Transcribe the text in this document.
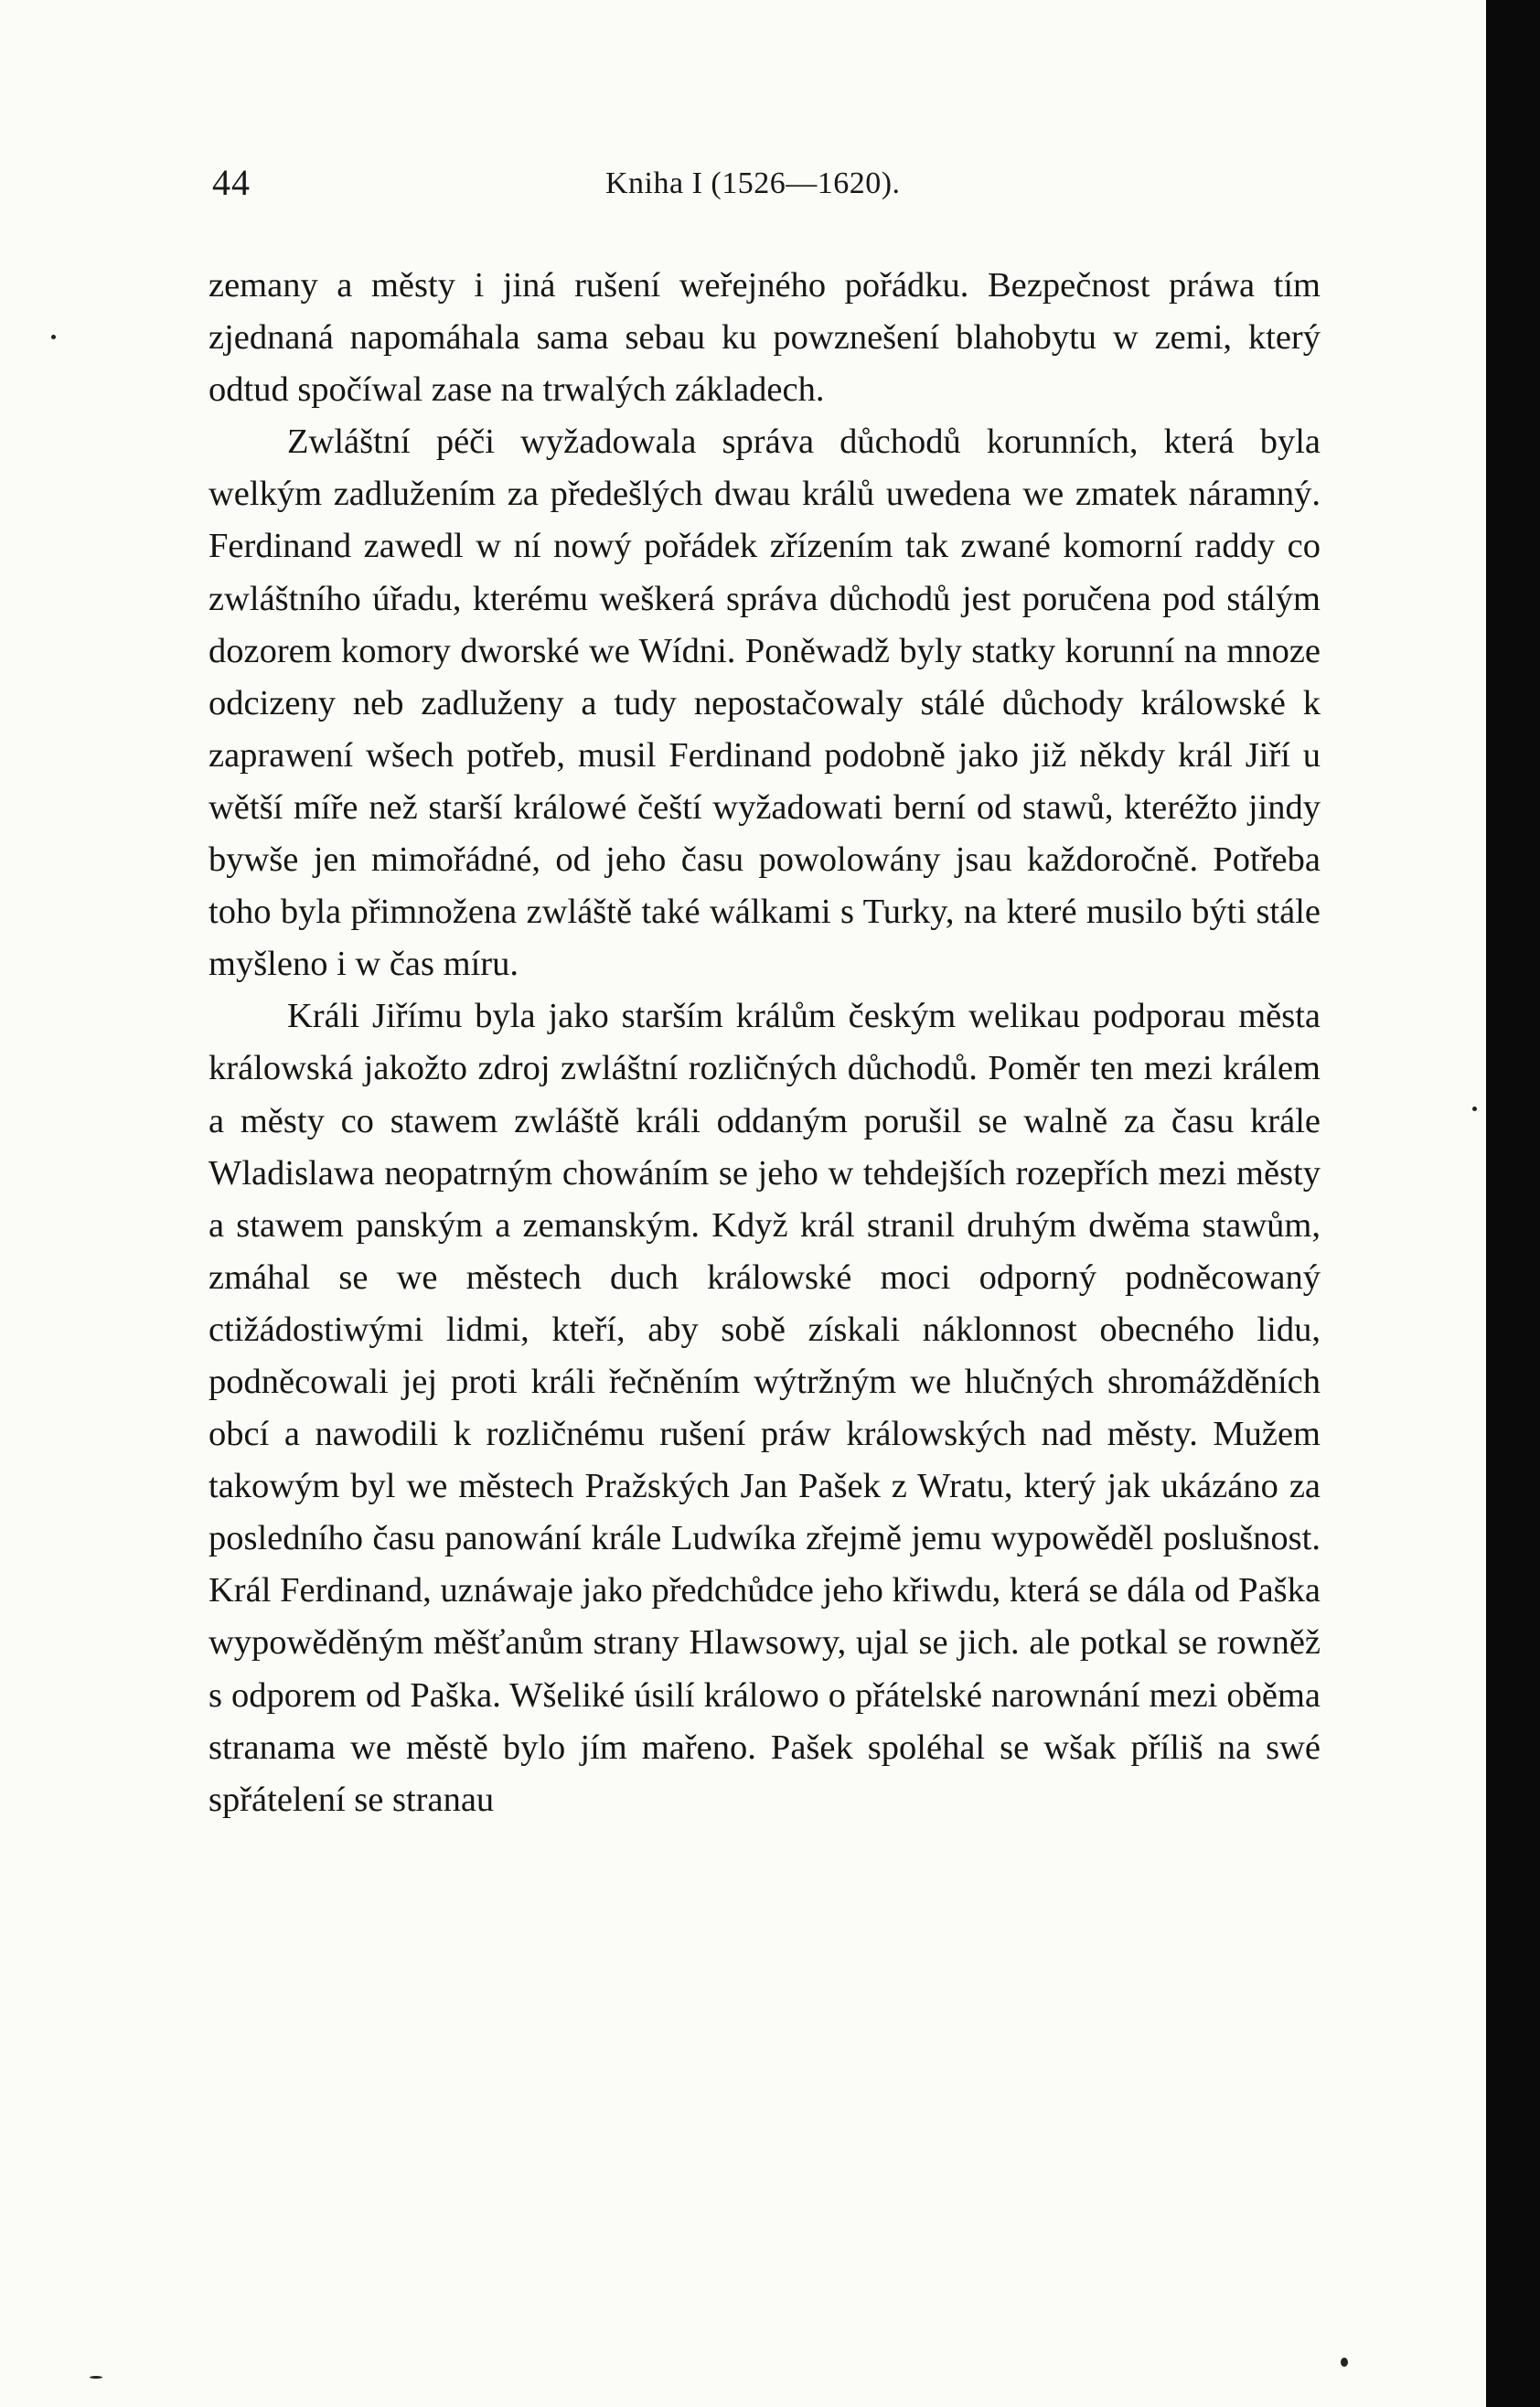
44	Kniha I (1526—1620).

zemany a městy i jiná rušení weřejného pořádku. Bezpečnost práwa tím zjednaná napomáhala sama sebau ku powznešení blahobytu w zemi, který odtud spočíwal zase na trwalých základech.

Zwláštní péči wyžadowala správa důchodů korunních, která byla welkým zadlužením za předešlých dwau králů uwedena we zmatek náramný. Ferdinand zawedl w ní nowý pořádek zřízením tak zwané komorní raddy co zwláštního úřadu, kterému weškerá správa důchodů jest poručena pod stálým dozorem komory dworské we Wídni. Poněwadž byly statky korunní na mnoze odcizeny neb zadluženy a tudy nepostačowaly stálé důchody králowské k zaprawení wšech potřeb, musil Ferdinand podobně jako již někdy král Jiří u wětší míře než starší králowé čeští wyžadowati berní od stawů, kteréžto jindy bywše jen mimořádné, od jeho času powolowány jsau každoročně. Potřeba toho byla přimnožena zwláště také wálkami s Turky, na které musilo býti stále myšleno i w čas míru.

Králi Jiřímu byla jako starším králům českým welikau podporau města králowská jakožto zdroj zwláštní rozličných důchodů. Poměr ten mezi králem a městy co stawem zwláště králi oddaným porušil se walně za času krále Wladislawa neopatrným chowáním se jeho w tehdejších rozepřích mezi městy a stawem panským a zemanským. Když král stranil druhým dwěma stawům, zmáhal se we městech duch králowské moci odporný podněcowaný ctižádostiwými lidmi, kteří, aby sobě získali náklonnost obecného lidu, podněcowali jej proti králi řečněním wýtržným we hlučných shromážděních obcí a nawodili k rozličnému rušení práw králowských nad městy. Mužem takowým byl we městech Pražských Jan Pašek z Wratu, který jak ukázáno za posledního času panowání krále Ludwíka zřejmě jemu wypowěděl poslušnost. Král Ferdinand, uznáwaje jako předchůdce jeho křiwdu, která se dála od Paška wypowěděným měšťanům strany Hlawsowy, ujal se jich. ale potkal se rowněž s odporem od Paška. Wšeliké úsilí králowo o přátelské narownání mezi oběma stranama we městě bylo jím mařeno. Pašek spoléhal se wšak příliš na swé spřátelení se stranau
